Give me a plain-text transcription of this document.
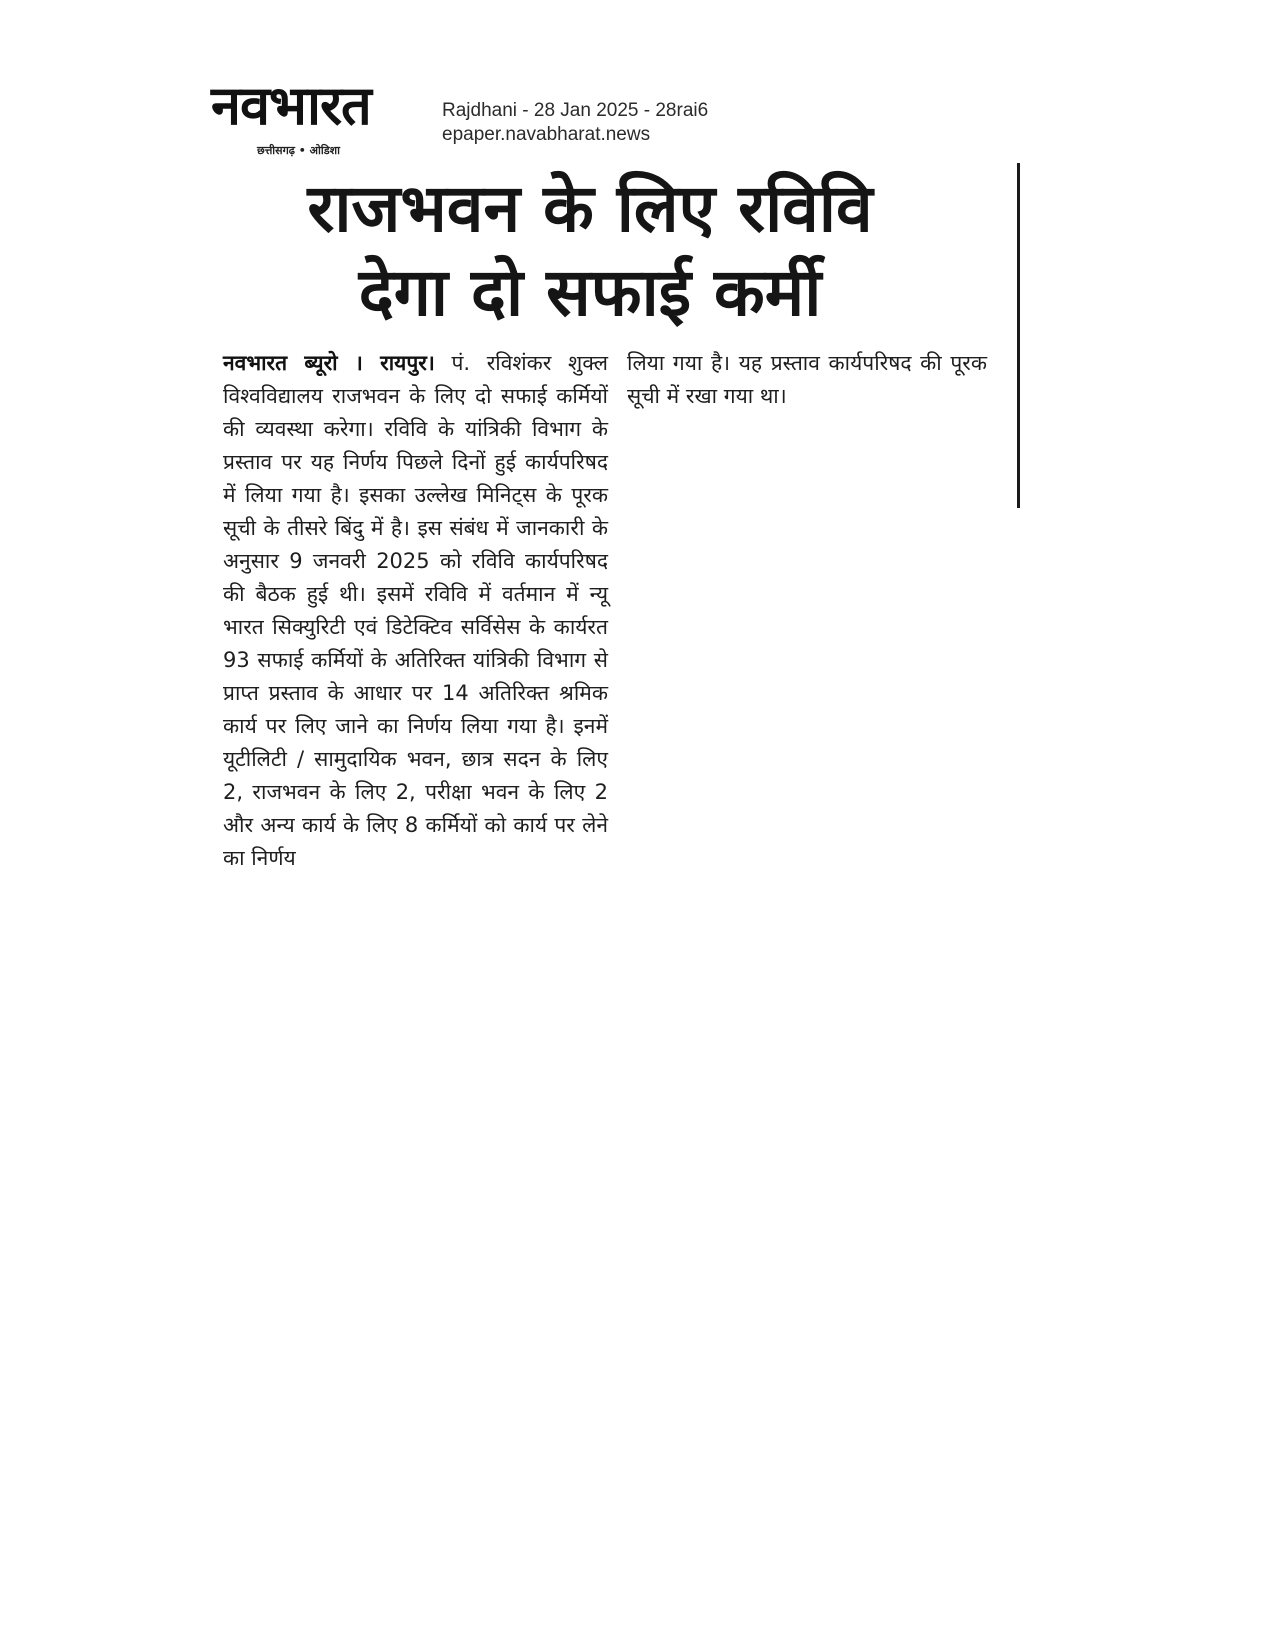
नवभारत
छत्तीसगढ़ • ओडिशा
Rajdhani - 28 Jan 2025 - 28rai6
epaper.navabharat.news
राजभवन के लिए रविवि
देगा दो सफाई कर्मी

नवभारत ब्यूरो । रायपुर। पं. रविशंकर शुक्ल विश्वविद्यालय राजभवन के लिए दो सफाई कर्मियों की व्यवस्था करेगा। रविवि के यांत्रिकी विभाग के प्रस्ताव पर यह निर्णय पिछले दिनों हुई कार्यपरिषद में लिया गया है। इसका उल्लेख मिनिट्स के पूरक सूची के तीसरे बिंदु में है। इस संबंध में जानकारी के अनुसार 9 जनवरी 2025 को रविवि कार्यपरिषद की बैठक हुई थी। इसमें रविवि में वर्तमान में न्यू भारत सिक्युरिटी एवं डिटेक्टिव सर्विसेस के कार्यरत 93 सफाई कर्मियों के अतिरिक्त यांत्रिकी विभाग से प्राप्त प्रस्ताव के आधार पर 14 अतिरिक्त श्रमिक कार्य पर लिए जाने का निर्णय लिया गया है। इनमें यूटीलिटी / सामुदायिक भवन, छात्र सदन के लिए 2, राजभवन के लिए 2, परीक्षा भवन के लिए 2 और अन्य कार्य के लिए 8 कर्मियों को कार्य पर लेने का निर्णय

लिया गया है। यह प्रस्ताव कार्यपरिषद की पूरक सूची में रखा गया था।
